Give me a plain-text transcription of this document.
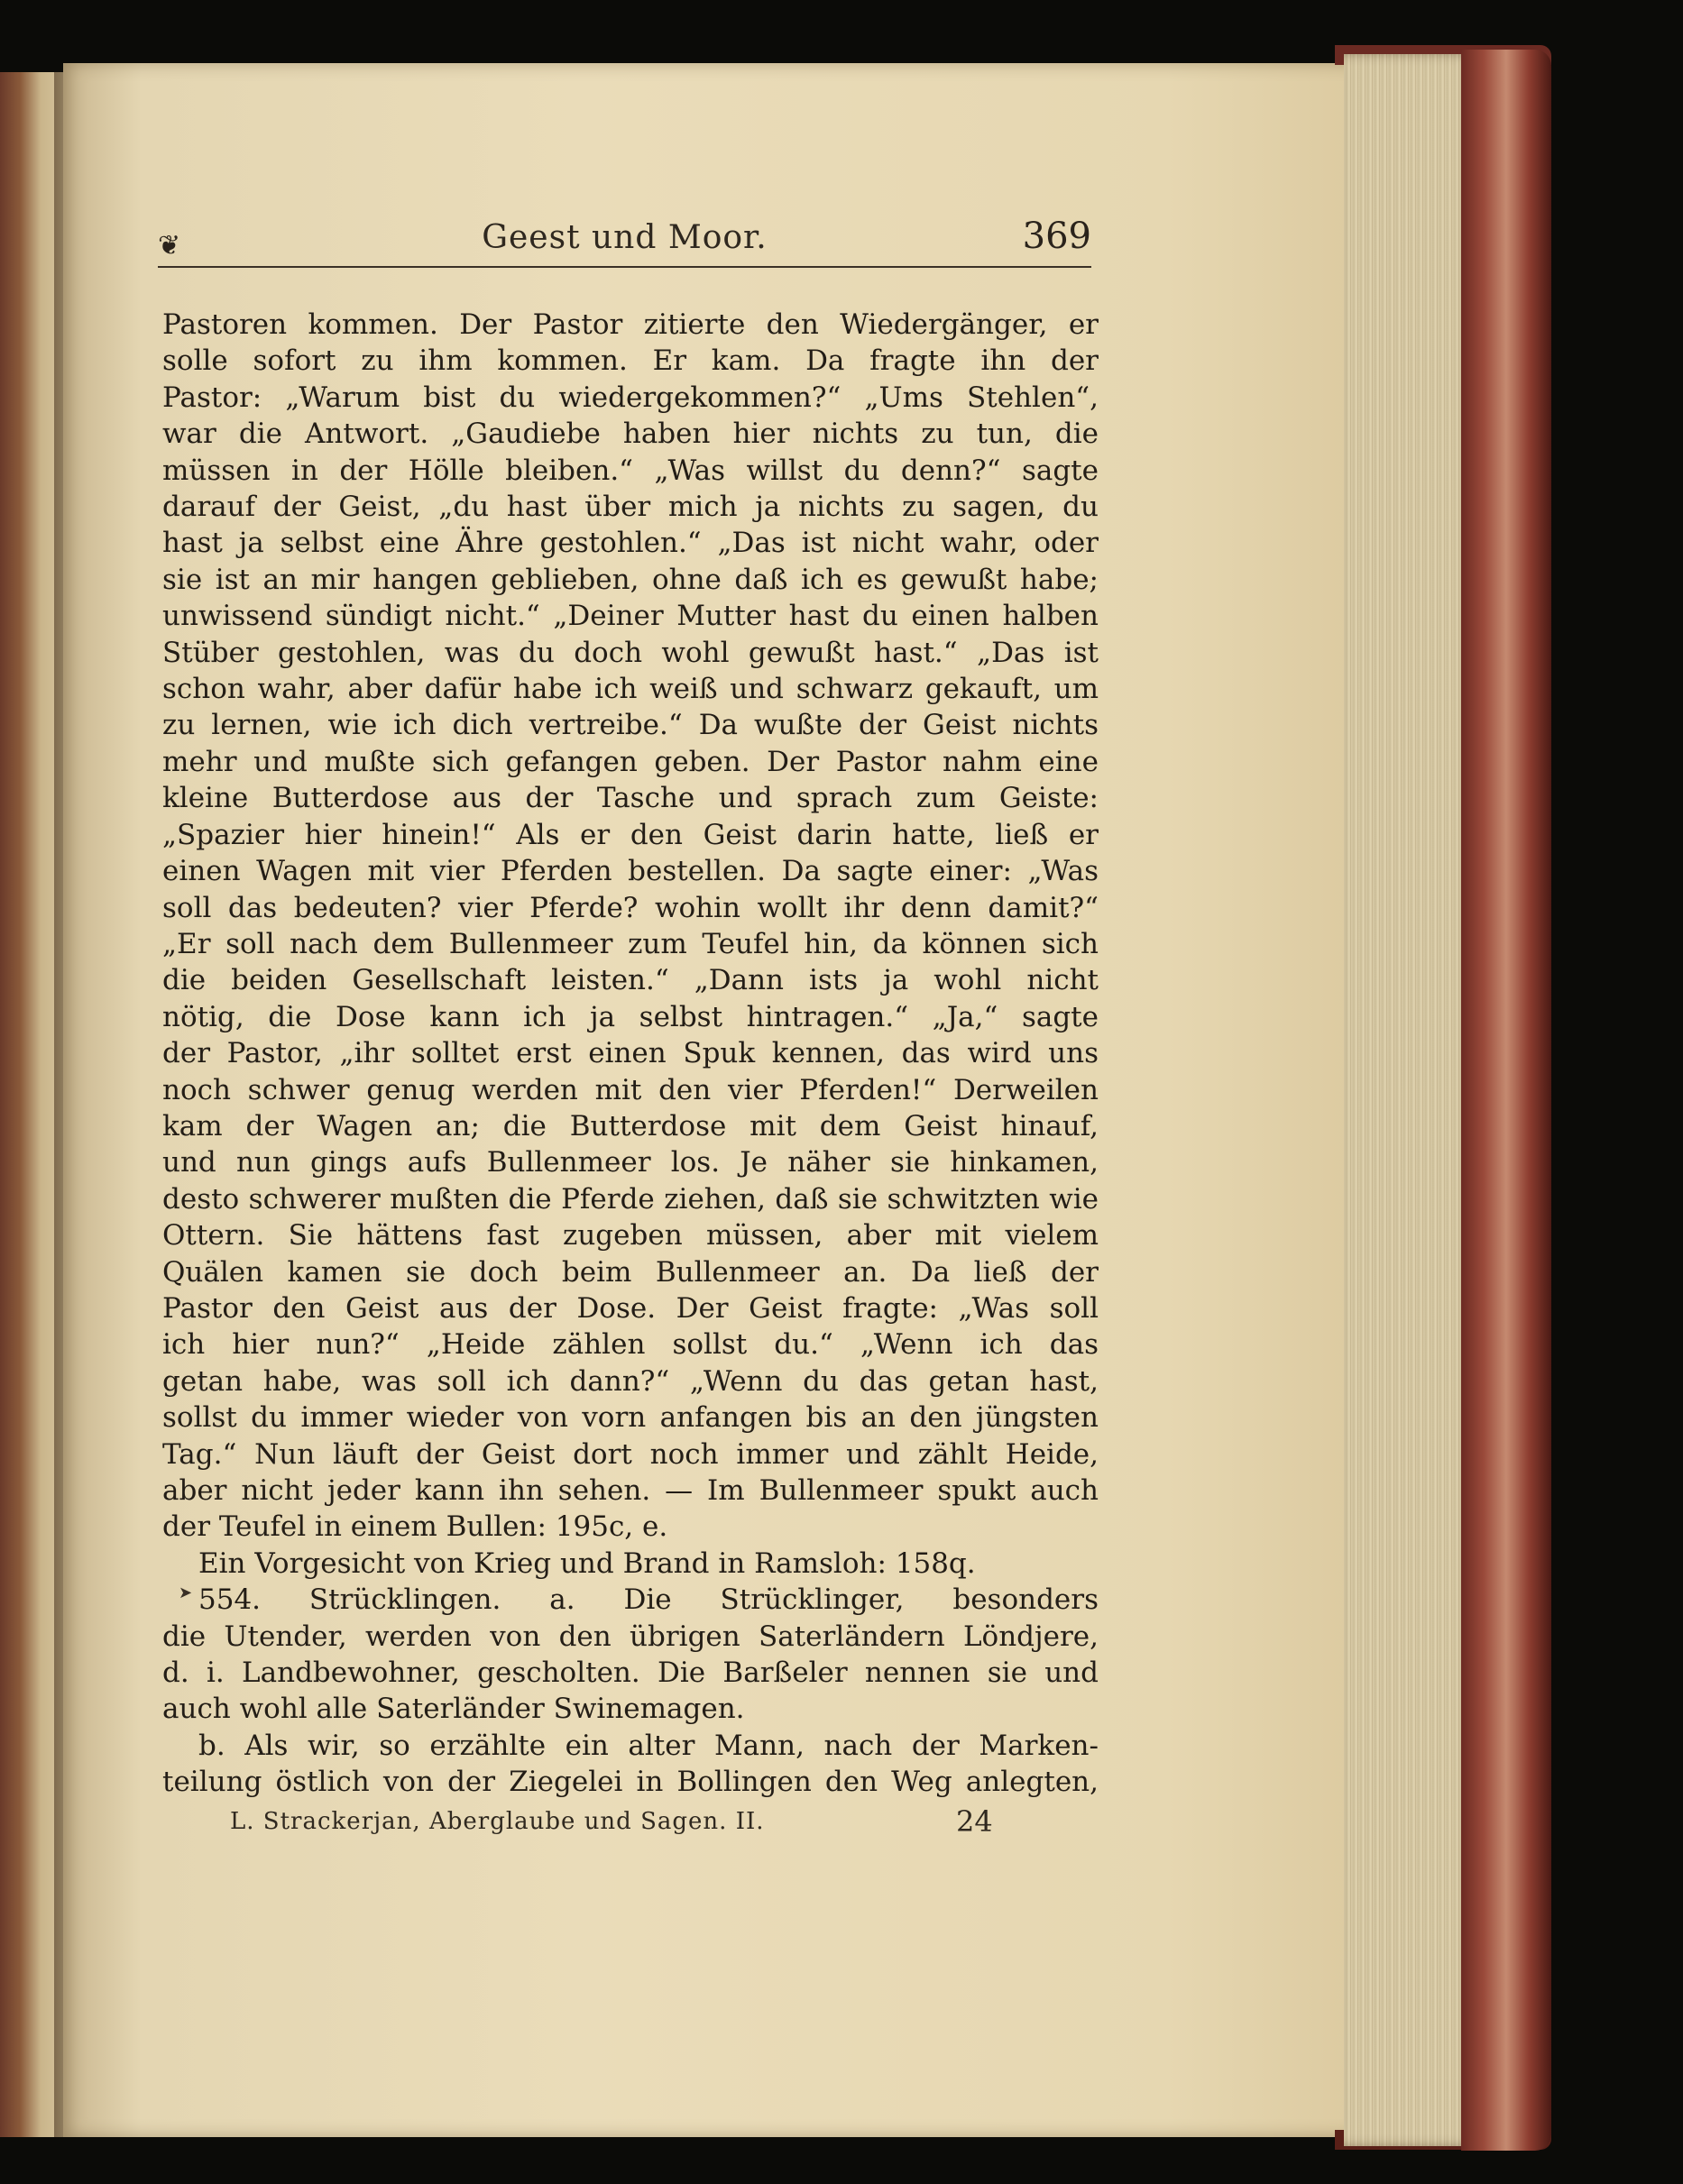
❦	Geest und Moor.	369
Pastoren kommen. Der Pastor zitierte den Wiedergänger, er
solle sofort zu ihm kommen. Er kam. Da fragte ihn der
Pastor: „Warum bist du wiedergekommen?“ „Ums Stehlen“,
war die Antwort. „Gaudiebe haben hier nichts zu tun, die
müssen in der Hölle bleiben.“ „Was willst du denn?“ sagte
darauf der Geist, „du hast über mich ja nichts zu sagen, du
hast ja selbst eine Ähre gestohlen.“ „Das ist nicht wahr, oder
sie ist an mir hangen geblieben, ohne daß ich es gewußt habe;
unwissend sündigt nicht.“ „Deiner Mutter hast du einen halben
Stüber gestohlen, was du doch wohl gewußt hast.“ „Das ist
schon wahr, aber dafür habe ich weiß und schwarz gekauft, um
zu lernen, wie ich dich vertreibe.“ Da wußte der Geist nichts
mehr und mußte sich gefangen geben. Der Pastor nahm eine
kleine Butterdose aus der Tasche und sprach zum Geiste:
„Spazier hier hinein!“ Als er den Geist darin hatte, ließ er
einen Wagen mit vier Pferden bestellen. Da sagte einer: „Was
soll das bedeuten? vier Pferde? wohin wollt ihr denn damit?“
„Er soll nach dem Bullenmeer zum Teufel hin, da können sich
die beiden Gesellschaft leisten.“ „Dann ists ja wohl nicht
nötig, die Dose kann ich ja selbst hintragen.“ „Ja,“ sagte
der Pastor, „ihr solltet erst einen Spuk kennen, das wird uns
noch schwer genug werden mit den vier Pferden!“ Derweilen
kam der Wagen an; die Butterdose mit dem Geist hinauf,
und nun gings aufs Bullenmeer los. Je näher sie hinkamen,
desto schwerer mußten die Pferde ziehen, daß sie schwitzten wie
Ottern. Sie hättens fast zugeben müssen, aber mit vielem
Quälen kamen sie doch beim Bullenmeer an. Da ließ der
Pastor den Geist aus der Dose. Der Geist fragte: „Was soll
ich hier nun?“ „Heide zählen sollst du.“ „Wenn ich das
getan habe, was soll ich dann?“ „Wenn du das getan hast,
sollst du immer wieder von vorn anfangen bis an den jüngsten
Tag.“ Nun läuft der Geist dort noch immer und zählt Heide,
aber nicht jeder kann ihn sehen. — Im Bullenmeer spukt auch
der Teufel in einem Bullen: 195c, e.
Ein Vorgesicht von Krieg und Brand in Ramsloh: 158q.
554. Strücklingen. a. Die Strücklinger, besonders
die Utender, werden von den übrigen Saterländern Löndjere,
d. i. Landbewohner, gescholten. Die Barßeler nennen sie und
auch wohl alle Saterländer Swinemagen.
b. Als wir, so erzählte ein alter Mann, nach der Marken-
teilung östlich von der Ziegelei in Bollingen den Weg anlegten,
➤
L. Strackerjan, Aberglaube und Sagen. II.	24
